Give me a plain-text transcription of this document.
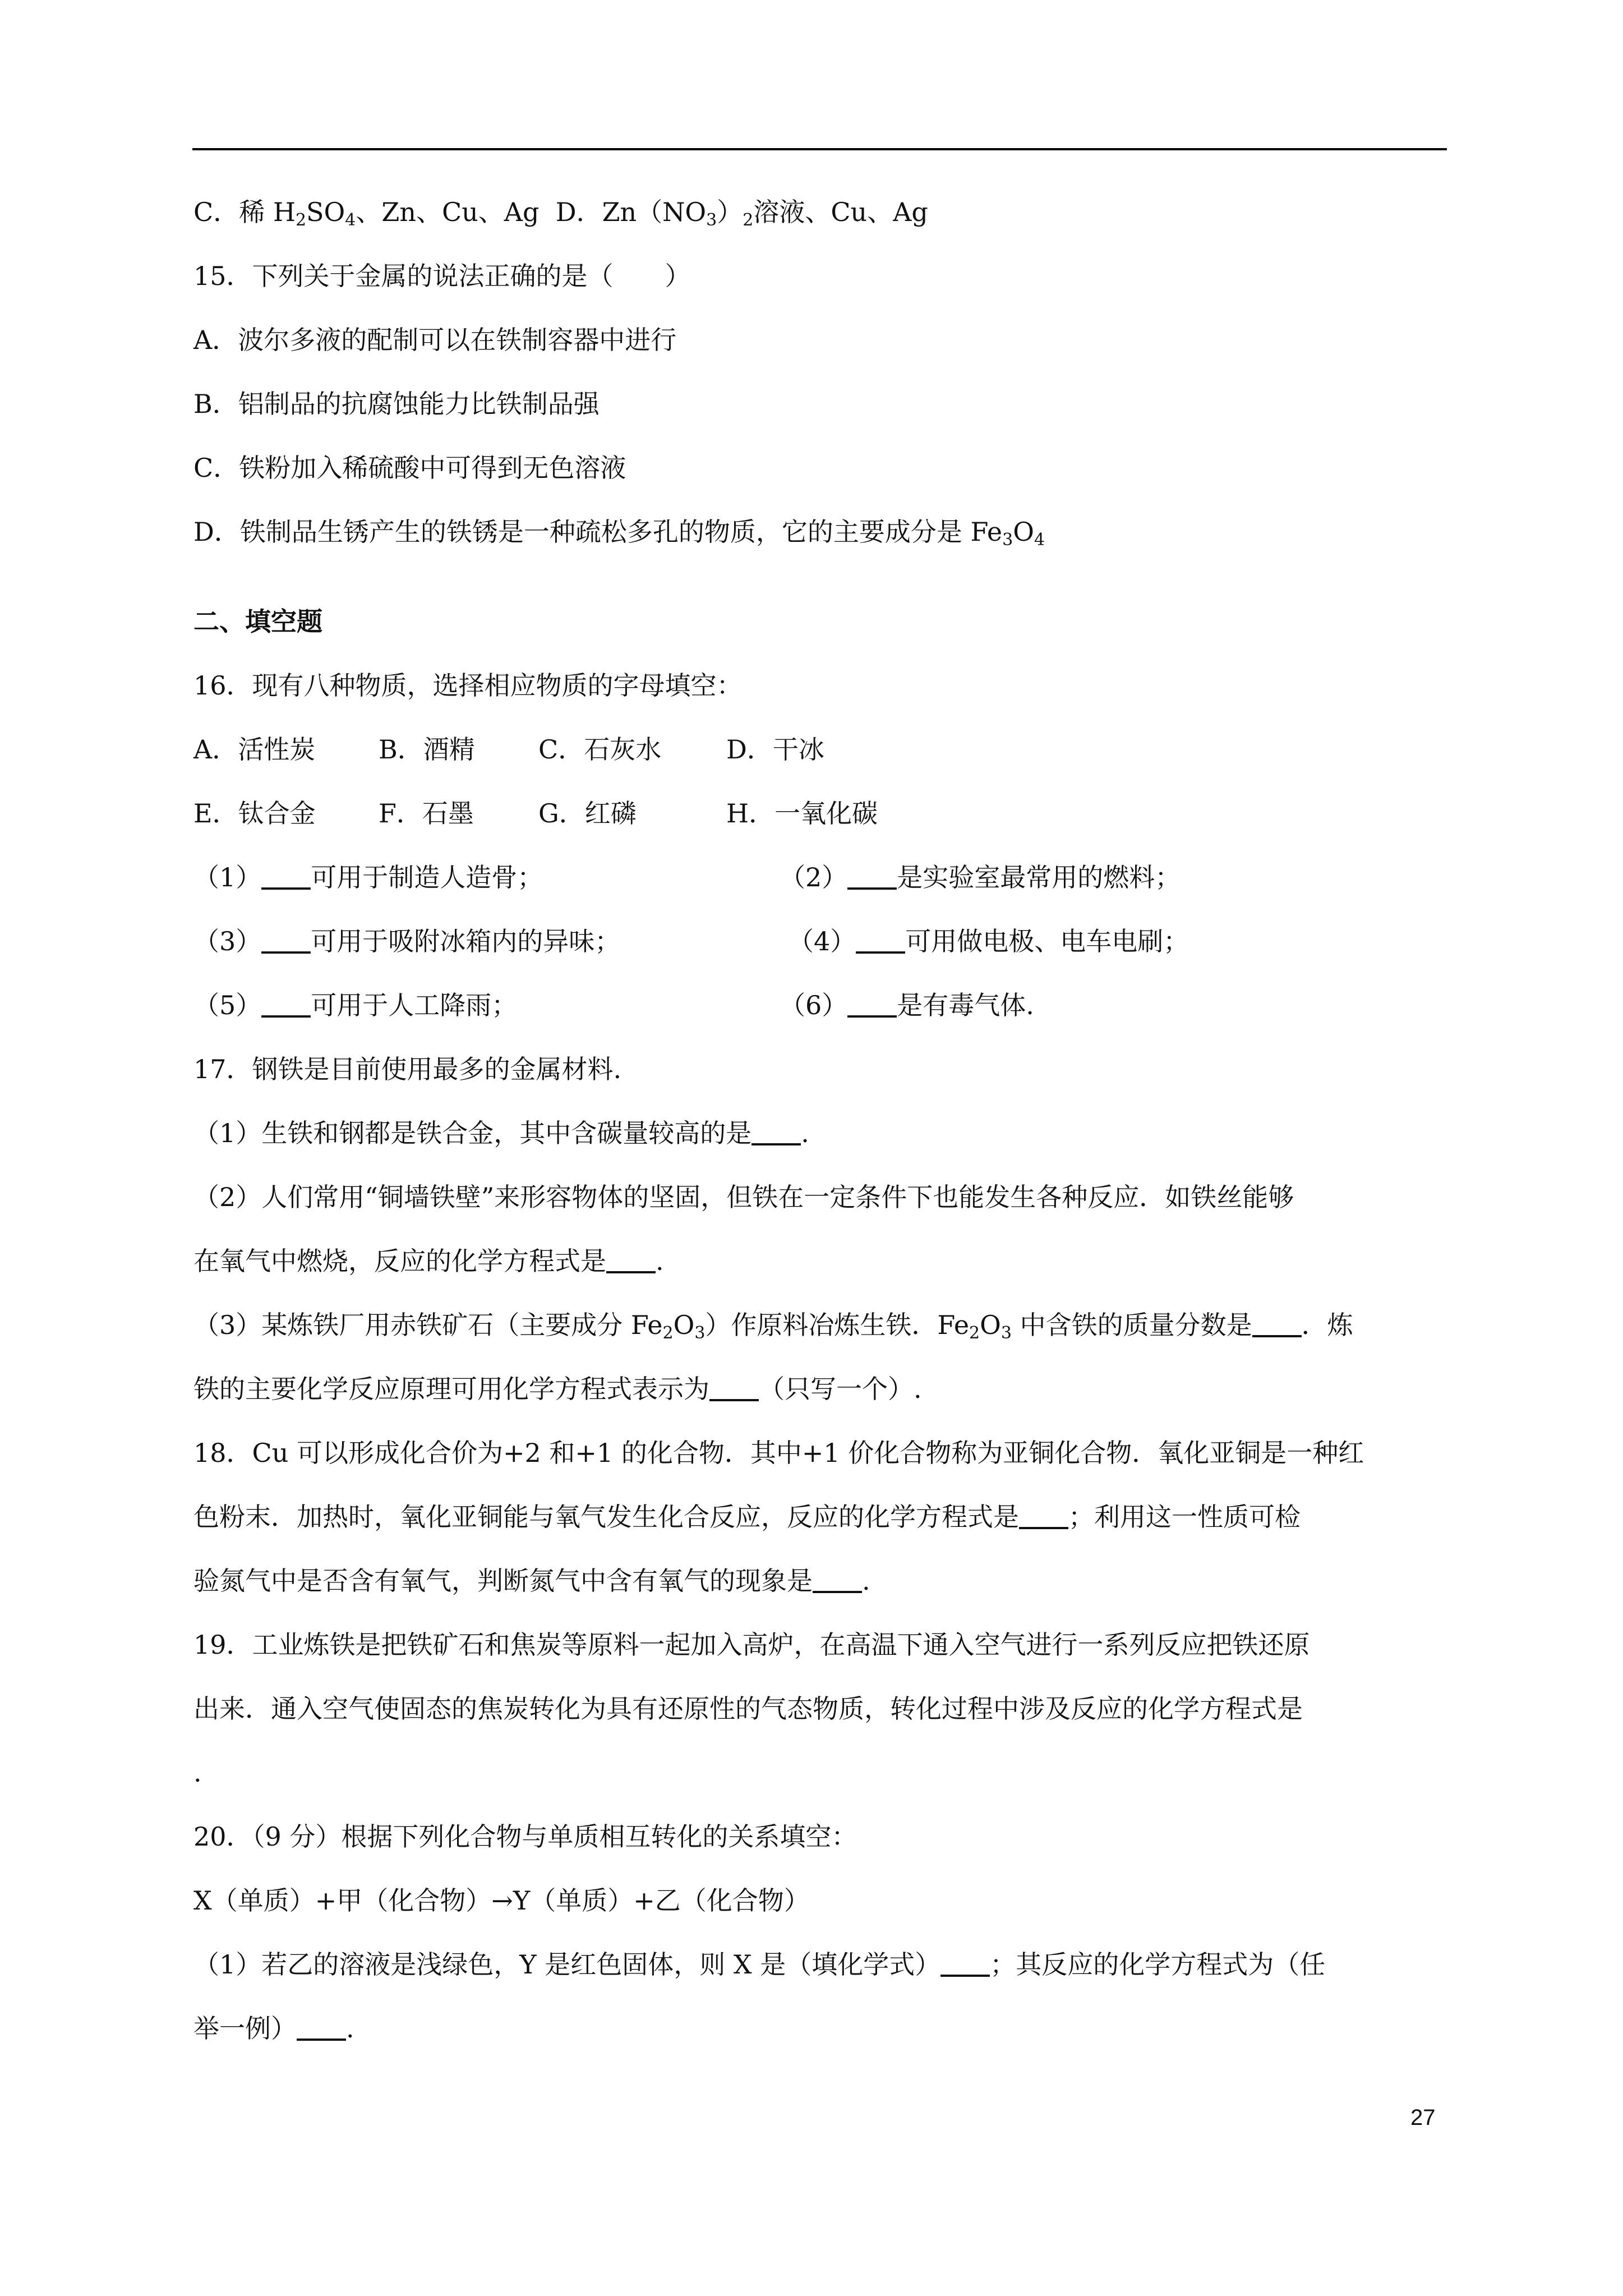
C．稀 $H_2SO_4$、Zn、Cu、Ag D．$Zn(NO_3)_2$溶液、Cu、Ag
15．下列关于金属的说法正确的是（　　）
A．波尔多液的配制可以在铁制容器中进行
B．铝制品的抗腐蚀能力比铁制品强
C．铁粉加入稀硫酸中可得到无色溶液
D．铁制品生锈产生的铁锈是一种疏松多孔的物质，它的主要成分是 $Fe_3O_4$
二、填空题
16．现有八种物质，选择相应物质的字母填空：
A．活性炭	B．酒精	C．石灰水	D．干冰
E．钛合金	F．石墨	G．红磷	H．一氧化碳
（1） 可用于制造人造骨；	（2） 是实验室最常用的燃料；
（3） 可用于吸附冰箱内的异味；	（4） 可用做电极、电车电刷；
（5） 可用于人工降雨；	（6） 是有毒气体.
17．钢铁是目前使用最多的金属材料.
（1）生铁和钢都是铁合金，其中含碳量较高的是 .
（2）人们常用“铜墙铁壁”来形容物体的坚固，但铁在一定条件下也能发生各种反应．如铁丝能够
在氧气中燃烧，反应的化学方程式是 .
（3）某炼铁厂用赤铁矿石（主要成分 $Fe_2O_3$）作原料冶炼生铁．$Fe_2O_3$ 中含铁的质量分数是 ．炼
铁的主要化学反应原理可用化学方程式表示为 （只写一个）.
18．Cu 可以形成化合价为+2 和+1 的化合物．其中+1 价化合物称为亚铜化合物．氧化亚铜是一种红
色粉末．加热时，氧化亚铜能与氧气发生化合反应，反应的化学方程式是 ；利用这一性质可检
验氮气中是否含有氧气，判断氮气中含有氧气的现象是 .
19．工业炼铁是把铁矿石和焦炭等原料一起加入高炉，在高温下通入空气进行一系列反应把铁还原
出来．通入空气使固态的焦炭转化为具有还原性的气态物质，转化过程中涉及反应的化学方程式是
.
20．（9 分）根据下列化合物与单质相互转化的关系填空：
X（单质）+甲（化合物）→Y（单质）+乙（化合物）
（1）若乙的溶液是浅绿色，Y 是红色固体，则 X 是（填化学式） ；其反应的化学方程式为（任
举一例） .
27
